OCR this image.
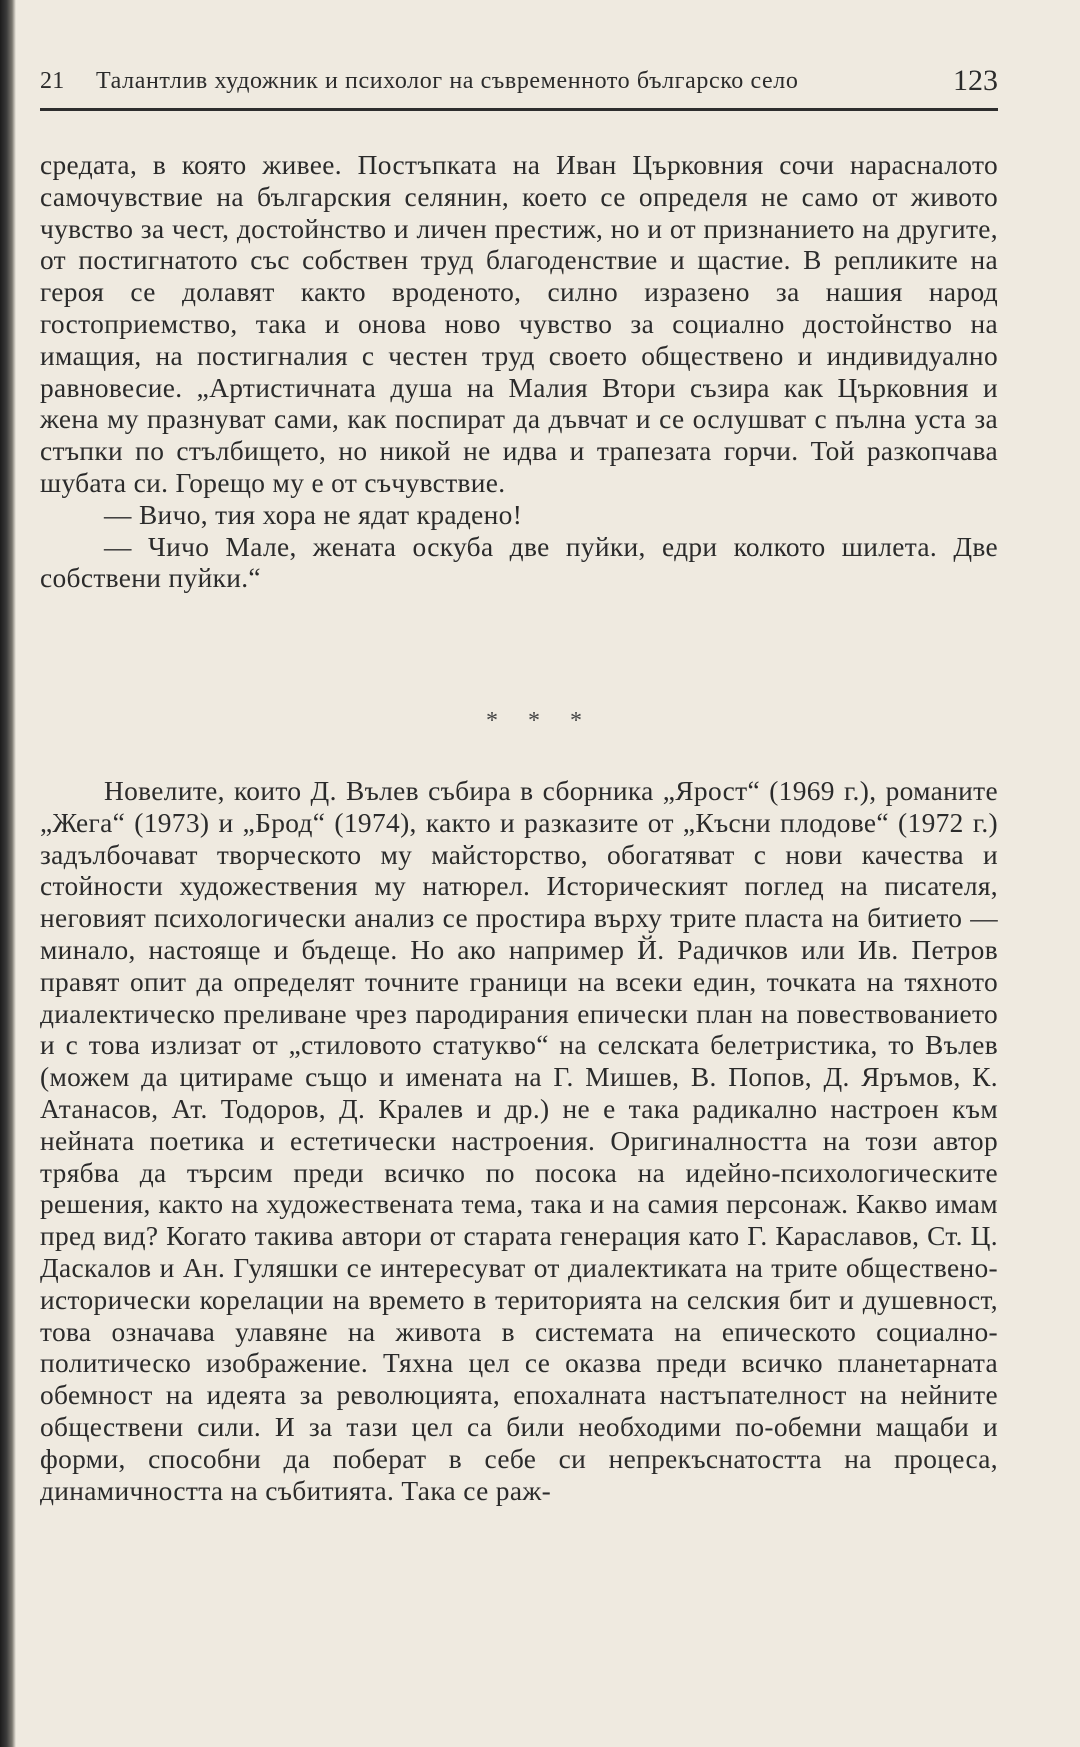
21 Талантлив художник и психолог на съвременното българско село	123

средата, в която живее. Постъпката на Иван Църковния сочи нарасналото самочувствие на българския селянин, което се определя не само от живото чувство за чест, достойнство и личен престиж, но и от признанието на другите, от постигнатото със собствен труд благоденствие и щастие. В репликите на героя се долавят както вроденото, силно изразено за нашия народ гостоприемство, така и онова ново чувство за социално достойнство на имащия, на постигналия с честен труд своето обществено и индивидуално равновесие. „Артистичната душа на Малия Втори съзира как Църковния и жена му празнуват сами, как поспират да дъвчат и се ослушват с пълна уста за стъпки по стълбището, но никой не идва и трапезата горчи. Той разкопчава шубата си. Горещо му е от съчувствие.

— Вичо, тия хора не ядат крадено!

— Чичо Мале, жената оскуба две пуйки, едри колкото шилета. Две собствени пуйки.“

* * *

Новелите, които Д. Вълев събира в сборника „Ярост“ (1969 г.), романите „Жега“ (1973) и „Брод“ (1974), както и разказите от „Късни плодове“ (1972 г.) задълбочават творческото му майсторство, обогатяват с нови качества и стойности художествения му натюрел. Историческият поглед на писателя, неговият психологически анализ се простира върху трите пласта на битието — минало, настояще и бъдеще. Но ако например Й. Радичков или Ив. Петров правят опит да определят точните граници на всеки един, точката на тяхното диалектическо преливане чрез пародирания епически план на повествованието и с това излизат от „стиловото статукво“ на селската белетристика, то Вълев (можем да цитираме също и имената на Г. Мишев, В. Попов, Д. Яръмов, К. Атанасов, Ат. Тодоров, Д. Кралев и др.) не е така радикално настроен към нейната поетика и естетически настроения. Оригиналността на този автор трябва да търсим преди всичко по посока на идейно-психологическите решения, както на художествената тема, така и на самия персонаж. Какво имам пред вид? Когато такива автори от старата генерация като Г. Караславов, Ст. Ц. Даскалов и Ан. Гуляшки се интересуват от диалектиката на трите обществено-исторически корелации на времето в територията на селския бит и душевност, това означава улавяне на живота в системата на епическото социално-политическо изображение. Тяхна цел се оказва преди всичко планетарната обемност на идеята за революцията, епохалната настъпателност на нейните обществени сили. И за тази цел са били необходими по-обемни мащаби и форми, способни да поберат в себе си непрекъснатостта на процеса, динамичността на събитията. Така се раж-
